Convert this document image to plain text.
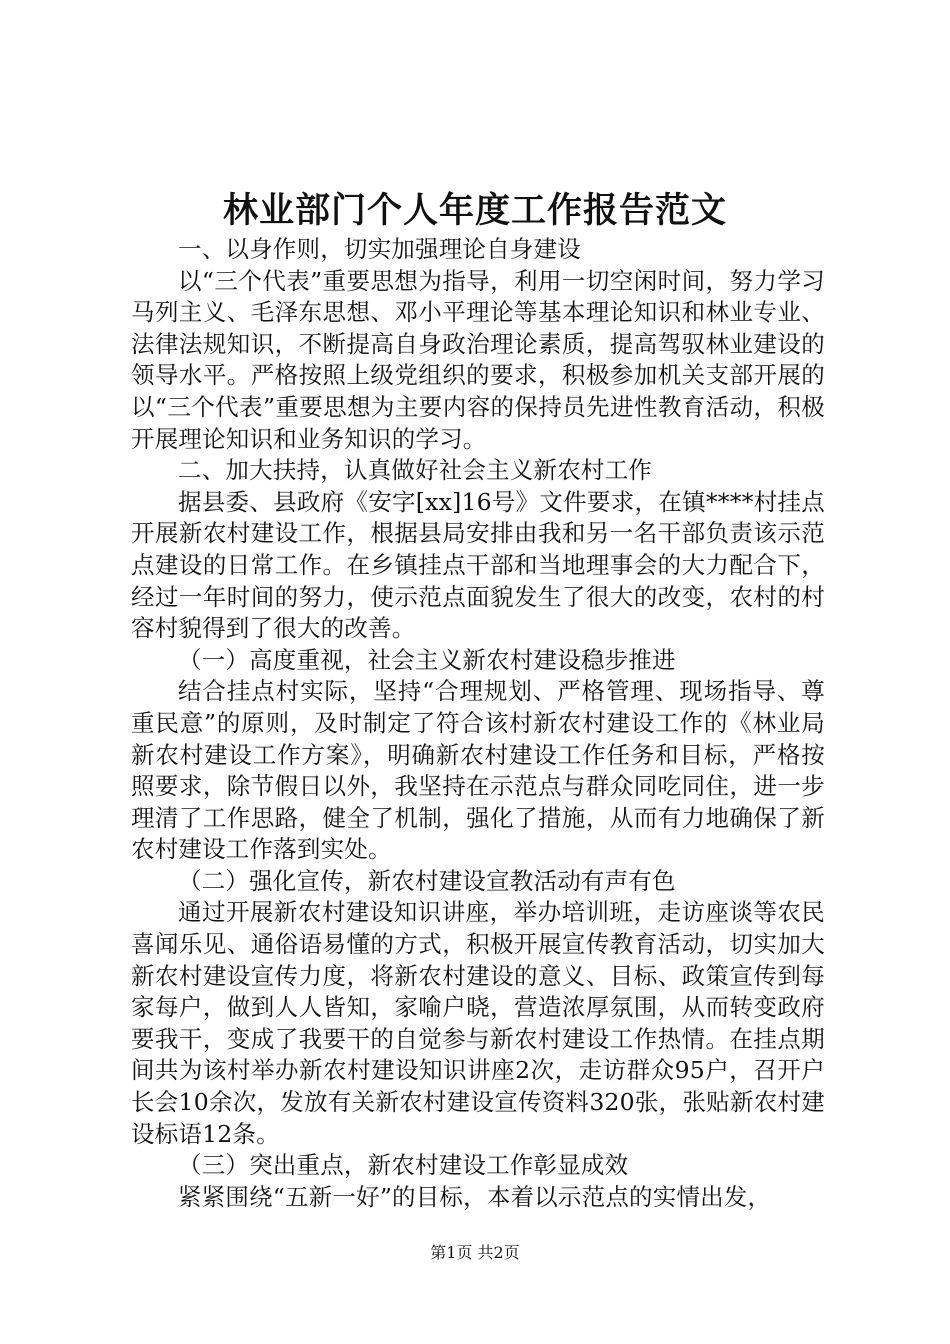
林业部门个人年度工作报告范文

一、以身作则，切实加强理论自身建设

以“三个代表”重要思想为指导，利用一切空闲时间，努力学习马列主义、毛泽东思想、邓小平理论等基本理论知识和林业专业、法律法规知识，不断提高自身政治理论素质，提高驾驭林业建设的领导水平。严格按照上级党组织的要求，积极参加机关支部开展的以“三个代表”重要思想为主要内容的保持员先进性教育活动，积极开展理论知识和业务知识的学习。

二、加大扶持，认真做好社会主义新农村工作

据县委、县政府《安字[xx]16号》文件要求，在镇****村挂点开展新农村建设工作，根据县局安排由我和另一名干部负责该示范点建设的日常工作。在乡镇挂点干部和当地理事会的大力配合下，经过一年时间的努力，使示范点面貌发生了很大的改变，农村的村容村貌得到了很大的改善。

（一）高度重视，社会主义新农村建设稳步推进

结合挂点村实际，坚持“合理规划、严格管理、现场指导、尊重民意”的原则，及时制定了符合该村新农村建设工作的《林业局新农村建设工作方案》，明确新农村建设工作任务和目标，严格按照要求，除节假日以外，我坚持在示范点与群众同吃同住，进一步理清了工作思路，健全了机制，强化了措施，从而有力地确保了新农村建设工作落到实处。

（二）强化宣传，新农村建设宣教活动有声有色

通过开展新农村建设知识讲座，举办培训班，走访座谈等农民喜闻乐见、通俗语易懂的方式，积极开展宣传教育活动，切实加大新农村建设宣传力度，将新农村建设的意义、目标、政策宣传到每家每户，做到人人皆知，家喻户晓，营造浓厚氛围，从而转变政府要我干，变成了我要干的自觉参与新农村建设工作热情。在挂点期间共为该村举办新农村建设知识讲座2次，走访群众95户，召开户长会10余次，发放有关新农村建设宣传资料320张，张贴新农村建设标语12条。

（三）突出重点，新农村建设工作彰显成效

紧紧围绕“五新一好”的目标，本着以示范点的实情出发，

第1页 共2页
